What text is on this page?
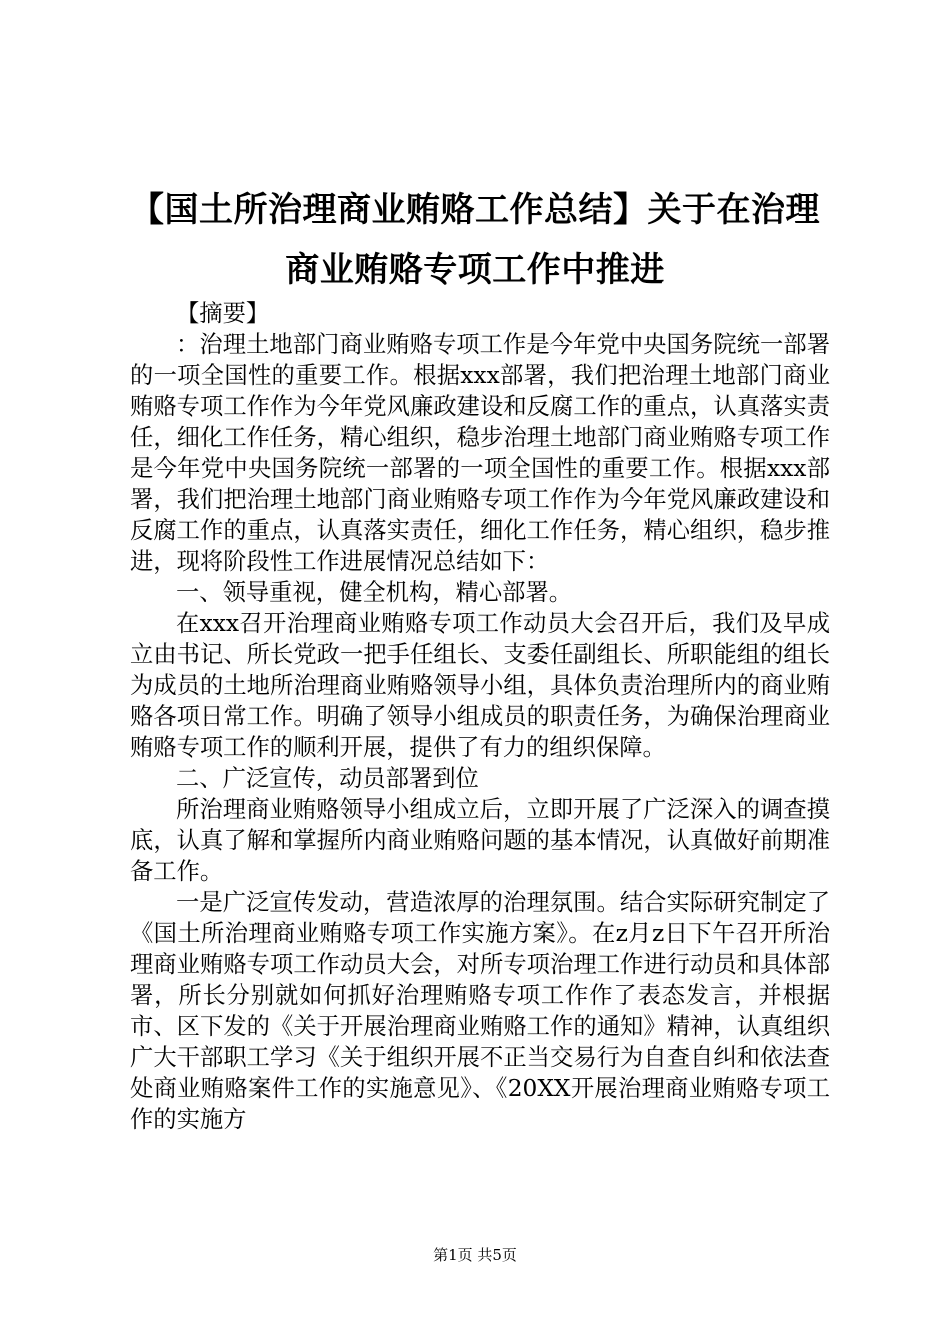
【国土所治理商业贿赂工作总结】关于在治理
商业贿赂专项工作中推进

【摘要】

：治理土地部门商业贿赂专项工作是今年党中央国务院统一部署的一项全国性的重要工作。根据xxx部署，我们把治理土地部门商业贿赂专项工作作为今年党风廉政建设和反腐工作的重点，认真落实责任，细化工作任务，精心组织，稳步治理土地部门商业贿赂专项工作是今年党中央国务院统一部署的一项全国性的重要工作。根据xxx部署，我们把治理土地部门商业贿赂专项工作作为今年党风廉政建设和反腐工作的重点，认真落实责任，细化工作任务，精心组织，稳步推进，现将阶段性工作进展情况总结如下：

一、领导重视，健全机构，精心部署。

在xxx召开治理商业贿赂专项工作动员大会召开后，我们及早成立由书记、所长党政一把手任组长、支委任副组长、所职能组的组长为成员的土地所治理商业贿赂领导小组，具体负责治理所内的商业贿赂各项日常工作。明确了领导小组成员的职责任务，为确保治理商业贿赂专项工作的顺利开展，提供了有力的组织保障。

二、广泛宣传，动员部署到位

所治理商业贿赂领导小组成立后，立即开展了广泛深入的调查摸底，认真了解和掌握所内商业贿赂问题的基本情况，认真做好前期准备工作。

一是广泛宣传发动，营造浓厚的治理氛围。结合实际研究制定了《国土所治理商业贿赂专项工作实施方案》。在z月z日下午召开所治理商业贿赂专项工作动员大会，对所专项治理工作进行动员和具体部署，所长分别就如何抓好治理贿赂专项工作作了表态发言，并根据市、区下发的《关于开展治理商业贿赂工作的通知》精神，认真组织广大干部职工学习《关于组织开展不正当交易行为自查自纠和依法查处商业贿赂案件工作的实施意见》、《20XX开展治理商业贿赂专项工作的实施方

第1页 共5页
